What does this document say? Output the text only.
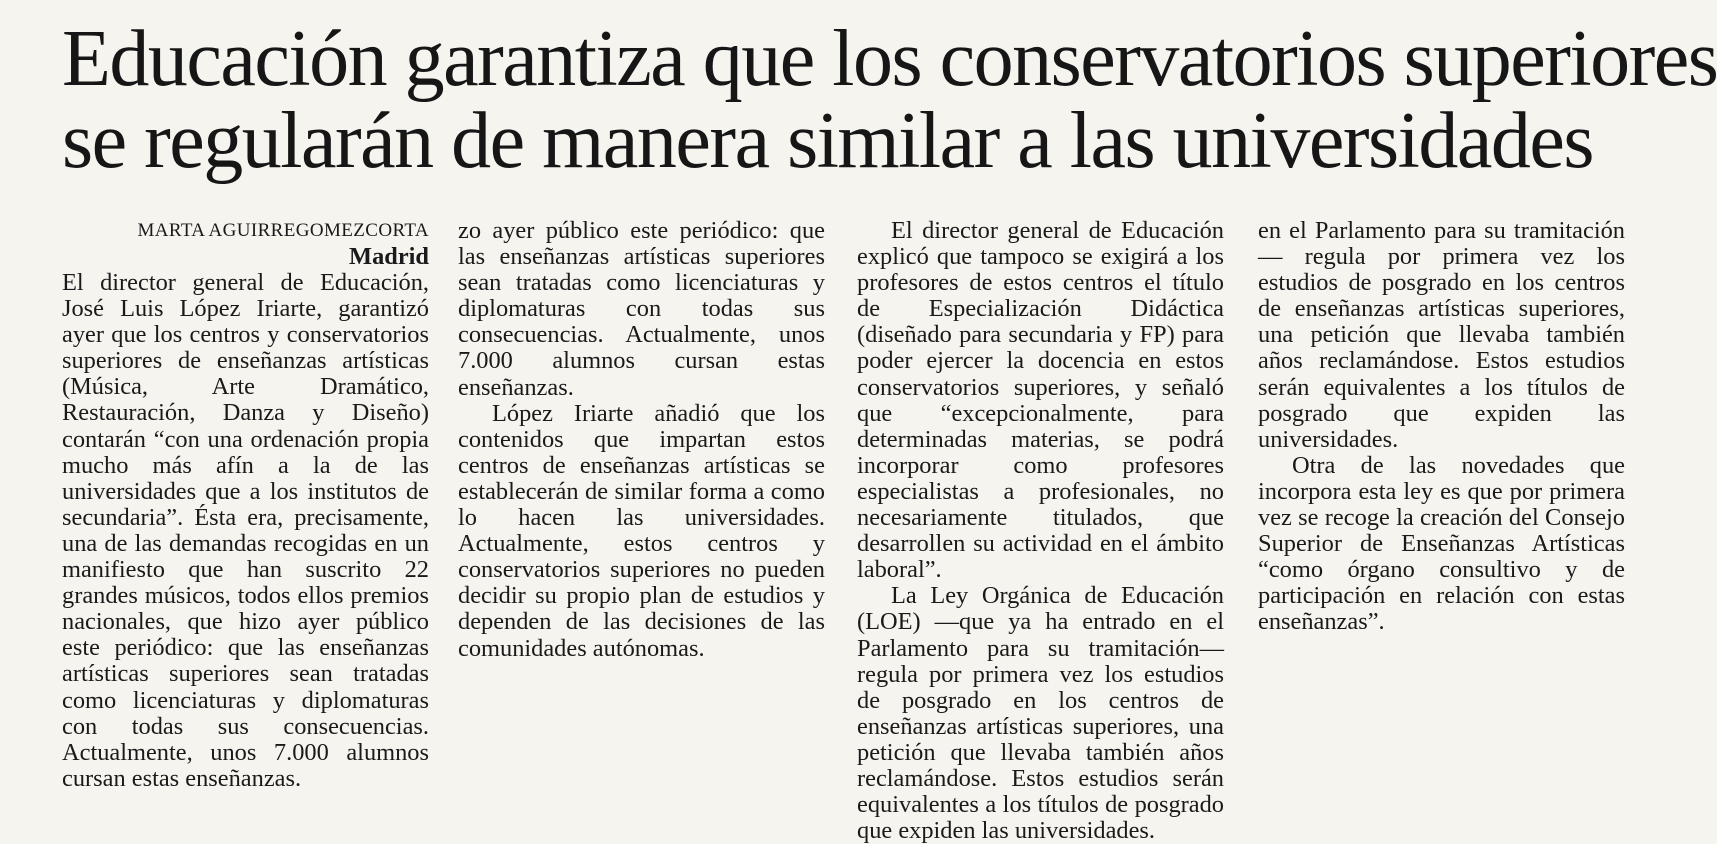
Educación garantiza que los conservatorios superiores
se regularán de manera similar a las universidades

MARTA AGUIRREGOMEZCORTA

Madrid

El director general de Educación, José Luis López Iriarte, garantizó ayer que los centros y conservatorios superiores de enseñanzas artísticas (Música, Arte Dramático, Restauración, Danza y Diseño) contarán “con una ordenación propia mucho más afín a la de las universidades que a los institutos de secundaria”. Ésta era, precisamente, una de las demandas recogidas en un manifiesto que han suscrito 22 grandes músicos, todos ellos premios nacionales, que hizo ayer público este periódico: que las enseñanzas artísticas superiores sean tratadas como licenciaturas y diplomaturas con todas sus consecuencias. Actualmente, unos 7.000 alumnos cursan estas enseñanzas.

zo ayer público este periódico: que las enseñanzas artísticas superiores sean tratadas como licenciaturas y diplomaturas con todas sus consecuencias. Actualmente, unos 7.000 alumnos cursan estas enseñanzas.

López Iriarte añadió que los contenidos que impartan estos centros de enseñanzas artísticas se establecerán de similar forma a como lo hacen las universidades. Actualmente, estos centros y conservatorios superiores no pueden decidir su propio plan de estudios y dependen de las decisiones de las comunidades autónomas.

El director general de Educación explicó que tampoco se exigirá a los profesores de estos centros el título de Especialización Didáctica (diseñado para secundaria y FP) para poder ejercer la docencia en estos conservatorios superiores, y señaló que “excepcionalmente, para determinadas materias, se podrá incorporar como profesores especialistas a profesionales, no necesariamente titulados, que desarrollen su actividad en el ámbito laboral”.

La Ley Orgánica de Educación (LOE) —que ya ha entrado en el Parlamento para su tramitación— regula por primera vez los estudios de posgrado en los centros de enseñanzas artísticas superiores, una petición que llevaba también años reclamándose. Estos estudios serán equivalentes a los títulos de posgrado que expiden las universidades.

en el Parlamento para su tramitación— regula por primera vez los estudios de posgrado en los centros de enseñanzas artísticas superiores, una petición que llevaba también años reclamándose. Estos estudios serán equivalentes a los títulos de posgrado que expiden las universidades.

Otra de las novedades que incorpora esta ley es que por primera vez se recoge la creación del Consejo Superior de Enseñanzas Artísticas “como órgano consultivo y de participación en relación con estas enseñanzas”.
